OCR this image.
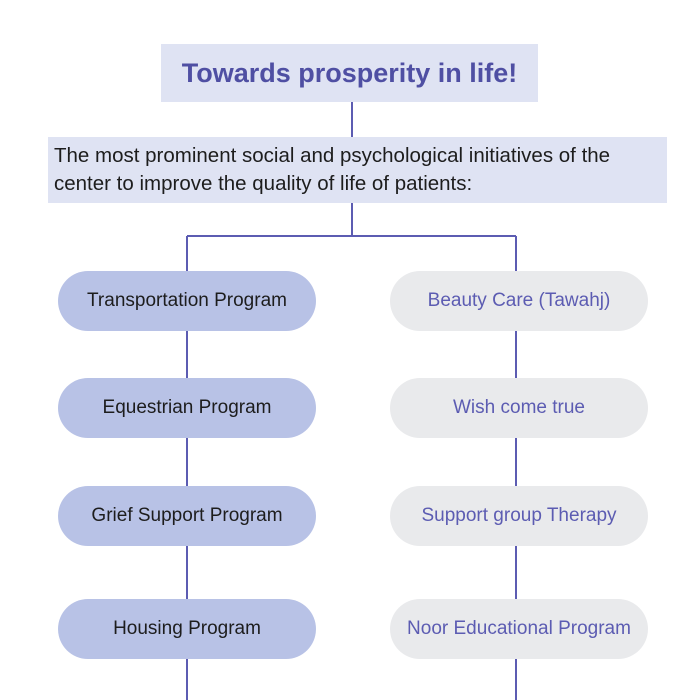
Towards prosperity in life!
The most prominent social and psychological initiatives of the center to improve the quality of life of patients:
Transportation Program
Equestrian Program
Grief Support Program
Housing Program
Beauty Care (Tawahj)
Wish come true
Support group Therapy
Noor Educational Program
